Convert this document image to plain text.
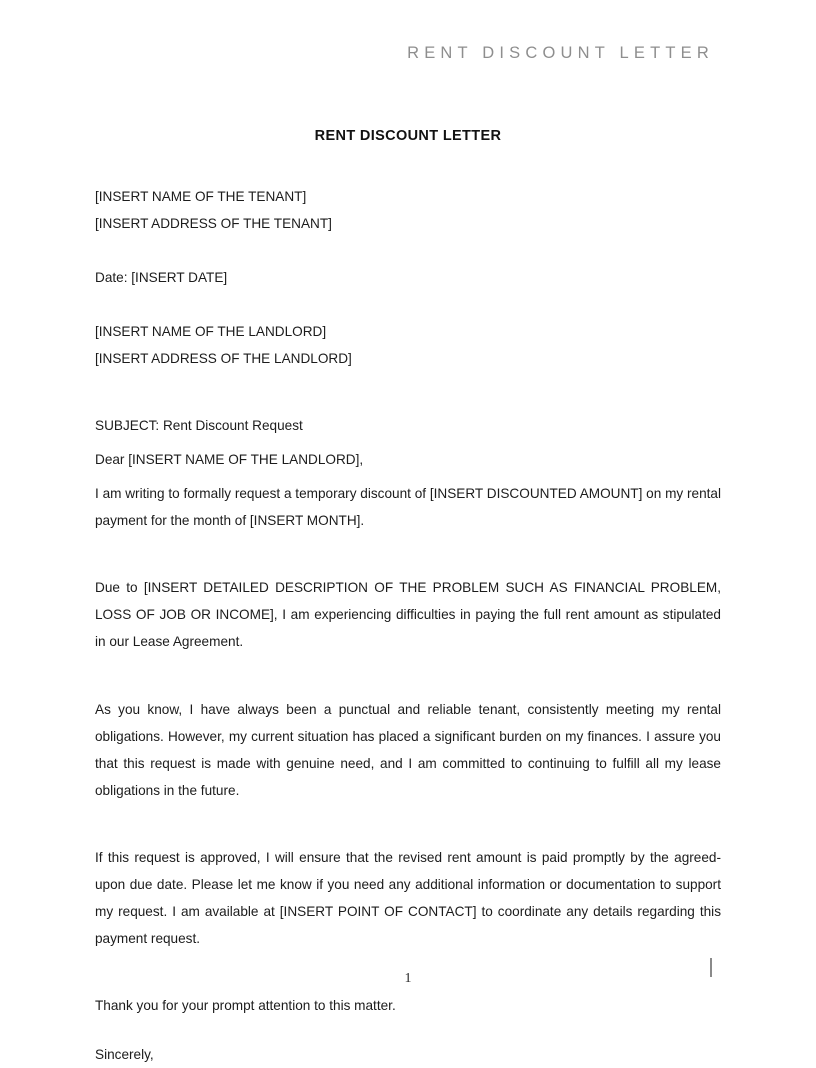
RENT DISCOUNT LETTER
RENT DISCOUNT LETTER
[INSERT NAME OF THE TENANT]
[INSERT ADDRESS OF THE TENANT]
Date: [INSERT DATE]
[INSERT NAME OF THE LANDLORD]
[INSERT ADDRESS OF THE LANDLORD]
SUBJECT: Rent Discount Request
Dear [INSERT NAME OF THE LANDLORD],

I am writing to formally request a temporary discount of [INSERT DISCOUNTED AMOUNT] on my rental payment for the month of [INSERT MONTH].

Due to [INSERT DETAILED DESCRIPTION OF THE PROBLEM SUCH AS FINANCIAL PROBLEM, LOSS OF JOB OR INCOME], I am experiencing difficulties in paying the full rent amount as stipulated in our Lease Agreement.

As you know, I have always been a punctual and reliable tenant, consistently meeting my rental obligations. However, my current situation has placed a significant burden on my finances. I assure you that this request is made with genuine need, and I am committed to continuing to fulfill all my lease obligations in the future.

If this request is approved, I will ensure that the revised rent amount is paid promptly by the agreed-upon due date. Please let me know if you need any additional information or documentation to support my request. I am available at [INSERT POINT OF CONTACT] to coordinate any details regarding this payment request.

Thank you for your prompt attention to this matter.

Sincerely,
1
